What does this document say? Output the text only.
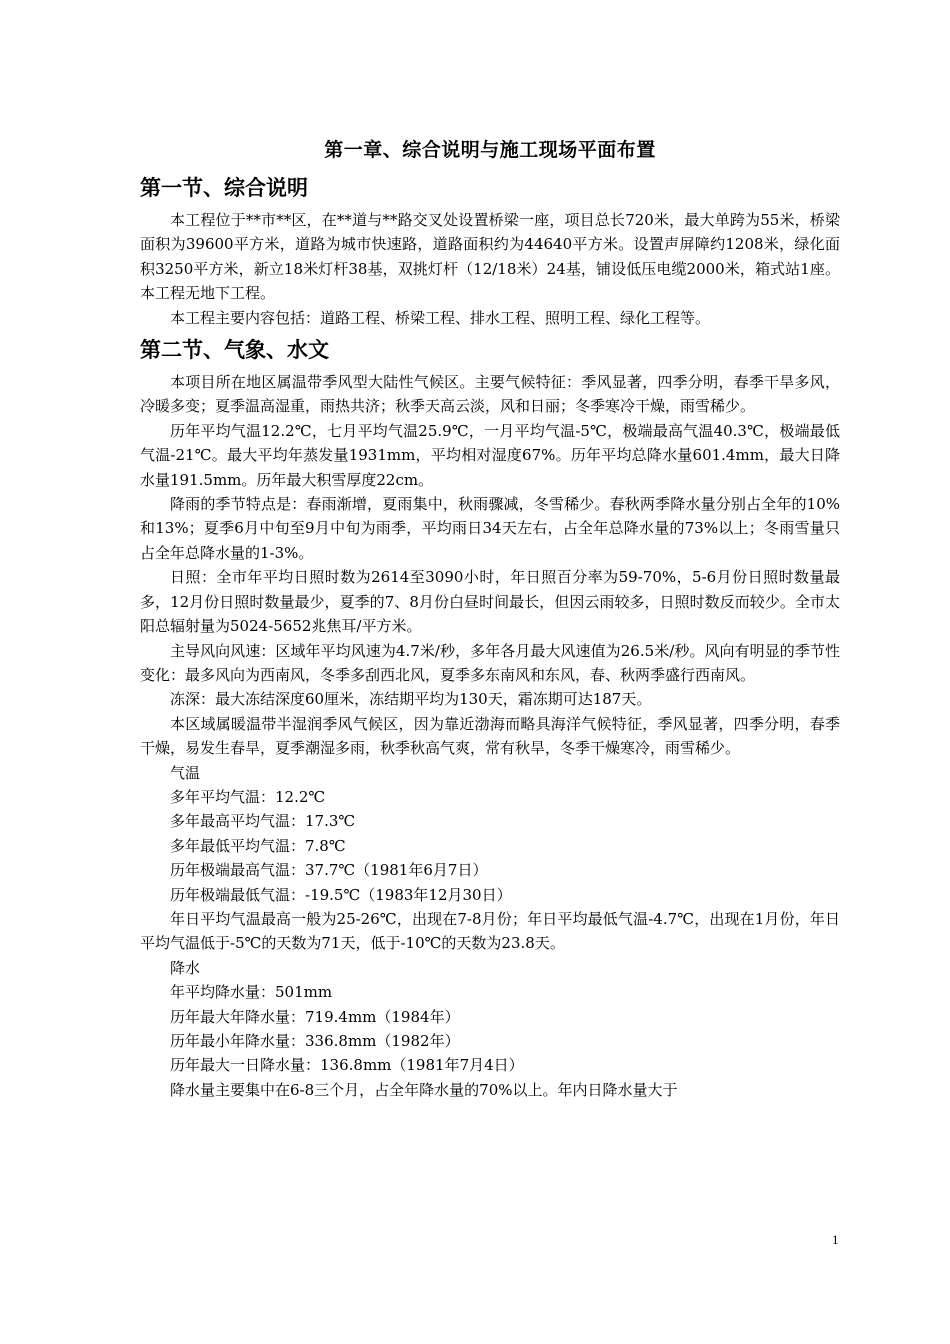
第一章、综合说明与施工现场平面布置
第一节、综合说明

本工程位于**市**区，在**道与**路交叉处设置桥梁一座，项目总长720米，最大单跨为55米，桥梁面积为39600平方米，道路为城市快速路，道路面积约为44640平方米。设置声屏障约1208米，绿化面积3250平方米，新立18米灯杆38基，双挑灯杆（12/18米）24基，铺设低压电缆2000米，箱式站1座。本工程无地下工程。

本工程主要内容包括：道路工程、桥梁工程、排水工程、照明工程、绿化工程等。

第二节、气象、水文

本项目所在地区属温带季风型大陆性气候区。主要气候特征：季风显著，四季分明，春季干旱多风，冷暖多变；夏季温高湿重，雨热共济；秋季天高云淡，风和日丽；冬季寒冷干燥，雨雪稀少。

历年平均气温12.2℃，七月平均气温25.9℃，一月平均气温-5℃，极端最高气温40.3℃，极端最低气温-21℃。最大平均年蒸发量1931mm，平均相对湿度67%。历年平均总降水量601.4mm，最大日降水量191.5mm。历年最大积雪厚度22cm。

降雨的季节特点是：春雨渐增，夏雨集中，秋雨骤减，冬雪稀少。春秋两季降水量分别占全年的10%和13%；夏季6月中旬至9月中旬为雨季，平均雨日34天左右，占全年总降水量的73%以上；冬雨雪量只占全年总降水量的1-3%。

日照：全市年平均日照时数为2614至3090小时，年日照百分率为59-70%，5-6月份日照时数量最多，12月份日照时数量最少，夏季的7、8月份白昼时间最长，但因云雨较多，日照时数反而较少。全市太阳总辐射量为5024-5652兆焦耳/平方米。

主导风向风速：区域年平均风速为4.7米/秒，多年各月最大风速值为26.5米/秒。风向有明显的季节性变化：最多风向为西南风，冬季多刮西北风，夏季多东南风和东风，春、秋两季盛行西南风。

冻深：最大冻结深度60厘米，冻结期平均为130天，霜冻期可达187天。

本区域属暖温带半湿润季风气候区，因为靠近渤海而略具海洋气候特征，季风显著，四季分明，春季干燥，易发生春旱，夏季潮湿多雨，秋季秋高气爽，常有秋旱，冬季干燥寒冷，雨雪稀少。

气温

多年平均气温：12.2℃

多年最高平均气温：17.3℃

多年最低平均气温：7.8℃

历年极端最高气温：37.7℃（1981年6月7日）

历年极端最低气温：-19.5℃（1983年12月30日）

年日平均气温最高一般为25-26℃，出现在7-8月份；年日平均最低气温-4.7℃，出现在1月份，年日平均气温低于-5℃的天数为71天，低于-10℃的天数为23.8天。

降水

年平均降水量：501mm

历年最大年降水量：719.4mm（1984年）

历年最小年降水量：336.8mm（1982年）

历年最大一日降水量：136.8mm（1981年7月4日）

降水量主要集中在6-8三个月，占全年降水量的70%以上。年内日降水量大于

1
